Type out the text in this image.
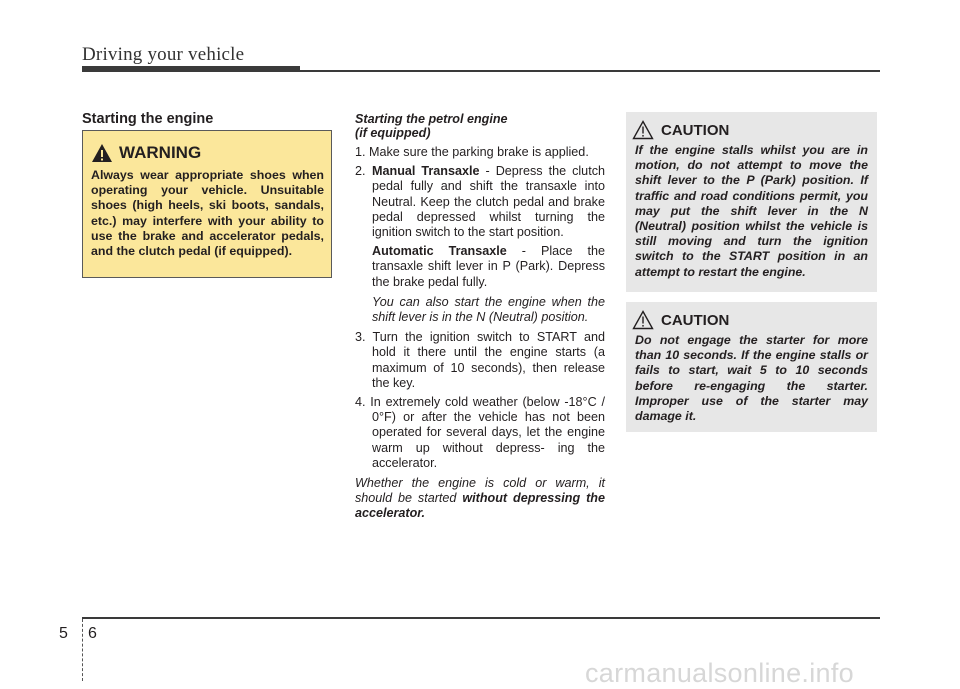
Driving your vehicle
Starting the engine
WARNING
Always wear appropriate shoes when operating your vehicle. Unsuitable shoes (high heels, ski boots, sandals, etc.) may interfere with your ability to use the brake and accelerator pedals, and the clutch pedal (if equipped).
Starting the petrol engine
(if equipped)
1. Make sure the parking brake is applied.
2. Manual Transaxle - Depress the clutch pedal fully and shift the transaxle into Neutral. Keep the clutch pedal and brake pedal depressed whilst turning the ignition switch to the start position.
Automatic Transaxle - Place the transaxle shift lever in P (Park). Depress the brake pedal fully.
You can also start the engine when the shift lever is in the N (Neutral) position.
3. Turn the ignition switch to START and hold it there until the engine starts (a maximum of 10 seconds), then release the key.
4. In extremely cold weather (below -18°C / 0°F) or after the vehicle has not been operated for several days, let the engine warm up without depress- ing the accelerator.

Whether the engine is cold or warm, it should be started without depressing the accelerator.

CAUTION
If the engine stalls whilst you are in motion, do not attempt to move the shift lever to the P (Park) position. If traffic and road conditions permit, you may put the shift lever in the N (Neutral) position whilst the vehicle is still moving and turn the ignition switch to the START position in an attempt to restart the engine.
CAUTION
Do not engage the starter for more than 10 seconds. If the engine stalls or fails to start, wait 5 to 10 seconds before re-engaging the starter. Improper use of the starter may damage it.
5 6
carmanualsonline.info
